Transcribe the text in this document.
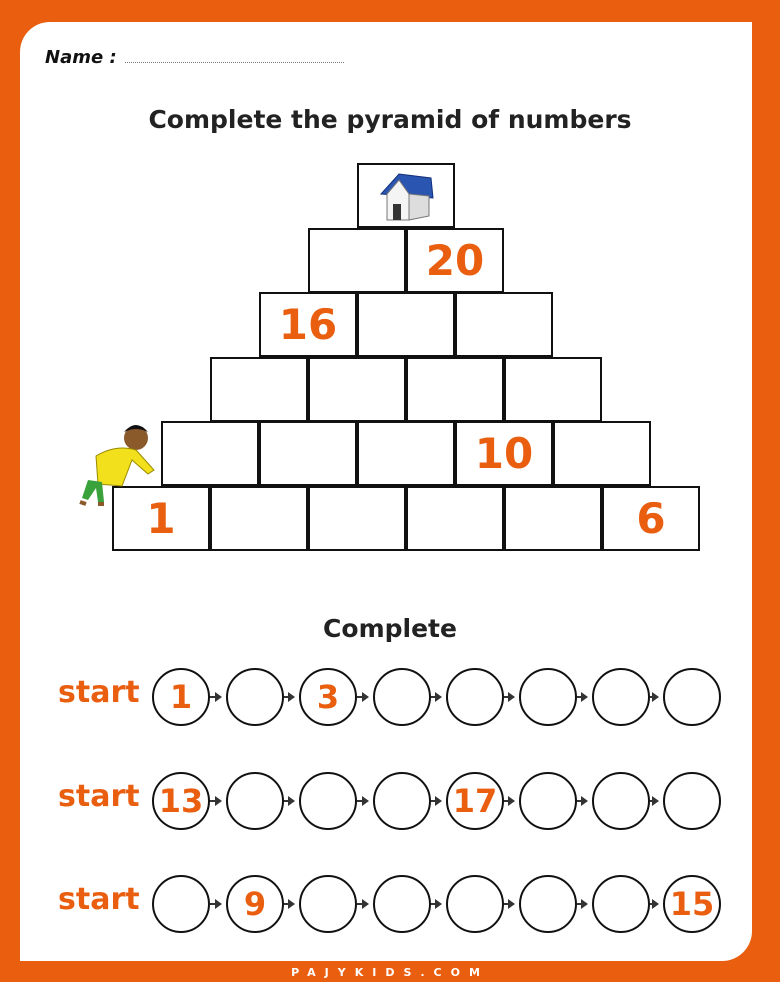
Name :
Complete the pyramid of numbers
20
16
10
1	6
Complete
start 1	3
start 13	17
start	9	15
PAJYKIDS.COM
